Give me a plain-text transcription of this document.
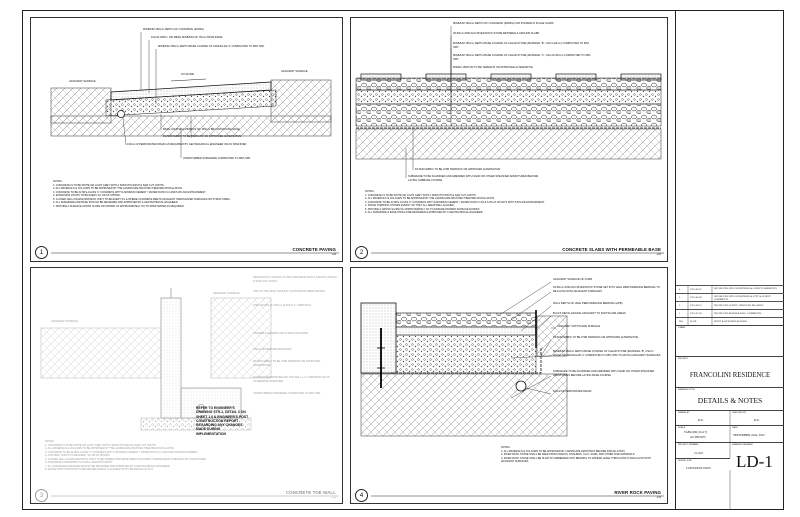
MINIMUM 150mm DEPTH OF CONCRETE (32MPa)
10U/12 WWF / 150 MESH MINIMUM OF 75mm FROM EDGE
MINIMUM 150mm DEPTH BASE COURSE OF GRANULAR 'A' COMPACTED TO 98% SPD
2% SLOPE
ADJACENT SURFACE
ADJACENT SURFACE
BASE COURSE A MINIMUM OF 150mm BEYOND PAVING EDGE
FILTER FABRIC TO BE TERRAFIX OR APPROVED ALTERNATIVE
100mm Ø PERFORATED DRAIN AS REQUIRED BY GEOTECHNICAL ENGINEER OR AS SPECIFIED
UNDISTURBED SUBGRADE COMPACTED TO 98% SPD
NOTES:
1. CONCRETE IS TO BE WHITE OR LIGHT GREY WITH A SMOOTH FINISH & SAW CUT JOINTS.
2. ALL MATERIALS & COLOURS TO BE APPROVED BY THE LANDSCAPE ARCHITECT BEFORE INSTALLATION.
3. CONCRETE TO BE 32 MPa CLASS 'C' CONCRETE WITH A MINIMUM CEMENT / WATER RATIO 0.4 AND 5-8% AIR ENTRAINMENT.
4. EXPANSION JOINTS TO BE EVERY 3m OR AS SHOWN.
5. CLOSED CELL FOAM EXPANSION JOINT TO BE EVERY 5m & WHERE CONCRETE MEETS ADJACENT HARDSCAPED SURFACES OR STRUCTURES.
6. ALL SUBGRADE AND BASE SHOULD BE REVIEWED AND APPROVED BY A GEOTECHNICAL ENGINEER.
7. PROVIDE A SURFACE CROSS SLOPE OR CROWN OF APPROXIMATELY 2% TO SHED WATER AS REQUIRED.
1	CONCRETE PAVING
1:20
MINIMUM 150mm DEPTH OF CONCRETE (32MPa) FOR POURED IN PLACE SLABS
25-50mm Ø BLACK RIVER ROCK STONE BETWEEN & AROUND SLABS
MINIMUM 150mm DEPTH BASE COURSE OF CLEAR STONE (MATERIAL 'B', CSA 5-20mm) COMPACTED TO 98% SPD
MINIMUM 150mm DEPTH BASE COURSE OF CLEAR STONE (MATERIAL 'C', CSA 20-40mm) COMPACTED TO 98% SPD
MIRAFI 180N OR TO BE TERRAFIX OR APPROVED ALTERNATIVE
FILTER FABRIC TO BE 270R TERRAFIX OR APPROVED ALTERNATIVE
SUBGRADE TO BE SCARIFIED AND AMENDED WITH SAND OR OTHER SPECIFIED ADMIXTURES BEFORE LAYING SUBBASE COURSE
NOTES:
1. CONCRETE IS TO BE WHITE OR LIGHT GREY WITH A SMOOTH FINISH & SAW CUT JOINTS.
2. ALL MATERIALS & COLOURS TO BE APPROVED BY THE LANDSCAPE ARCHITECT BEFORE INSTALLATION.
3. CONCRETE TO BE 32 MPa CLASS 'C' CONCRETE WITH A MINIMUM CEMENT / WATER RATIO 0.4% & 5-8% AT 28 DAYS WITH 5-8% AIR ENTRAINMENT.
4. SPACE STEPPING STONES EVENLY SO THEY ALL SEEM WELL ALIGNED.
5. PROVIDE A CROSS SLOPE OF APPROXIMATELY 2% TO ENSURE PROPER SURFACE RUNOFF.
6. ALL SUBGRADE & BASE SHOULD BE REVIEWED & APPROVED BY A GEOTECHNICAL ENGINEER.
2	CONCRETE SLABS WITH PERMEABLE BASE
1:20
ADJACENT SURFACE
ADJACENT SURFACE
FENCE POST FOOTING TO BE CONCRETE WITH A SMOOTH FINISH & SAW CUT JOINTS
TWO 25.75M 'HIGH TENSILE' CONTINUOUS REINFORCING
TWO HOOPS @ 150mm @ 600 O.C. (VERTICAL)
POURED CONCRETE WITH SMOOTH FINISH
150mm Ø PERFORATED DRAIN
FILTER FABRIC TO BE 270R TERRAFIX OR APPROVED ALTERNATIVE
FOOTINGS EXTEND BELOW THE WALL 1.2 m MINIMUM OR AS OTHERWISE SPECIFIED
UNDISTURBED SUBGRADE COMPACTED TO 98% SPD
NOTES:
1. CONCRETE IS TO BE WHITE OR LIGHT GREY WITH A SMOOTH FINISH & SAW CUT JOINTS.
2. ALL MATERIALS & COLOURS TO BE APPROVED BY THE LANDSCAPE ARCHITECT BEFORE INSTALLATION.
3. CONCRETE TO BE 32 MPa CLASS 'C' CONCRETE WITH A MINIMUM CEMENT / WATER RATIO 0.4 AND 5-8% AIR ENTRAINMENT.
4. CONTROL JOINTS TO BE EVERY 3m OR AS SHOWN.
5. CLOSED CELL FOAM EXPANSION JOINT TO BE WHERE CONCRETE MEETS ADJACENT HARDSCAPED SURFACES OR STRUCTURES.
6. CONCRETE FORMWORK TO HAVE A SMOOTH FINISH.
7. ALL SUBGRADE AND BASE SHOULD BE REVIEWED AND APPROVED BY A GEOTECHNICAL ENGINEER.
8. FENCE POST FOOTINGS TO BE SPACED EVENLY & ALIGNED WITH THE FENCE LAYOUT.
REFER TO ENGINEER'S DRAWING STR-1, DETAIL 3 ON SHEET 1.0 & ENGINEER'S POST CONSTRUCTION REPORT REGARDING ANY CHANGES MADE DURING IMPLEMENTATION
3	CONCRETE TOE WALL
1:10
ADJACENT SURFACE OF CURB
25-50mm Ø BLACK RIVER ROCK STONE SET INTO HIGH PERFORMANCE BEDDING TO BE FLUSH WITH ADJACENT SURFACES
25mm DEPTH OF HIGH PERFORMANCE BEDDING (HPB)
BLACK METAL EDGING ADJACENT TO SOFTSCAPE AREAS
ADJACENT SOFTSCAPE SURFACE
FILTER FABRIC TO BE 270R TERRAFIX OR APPROVED ALTERNATIVE
MINIMUM 150mm DEPTH BASE COURSE OF CLEAR STONE (MATERIAL 'B', CSA 5-20mm) OR GRANULAR 'A' COMPACTED TO 98% SPD TO MATCH ADJACENT SURFACES
SUBGRADE TO BE SCARIFIED AND AMENDED WITH SAND OR OTHER SPECIFIED ADMIXTURES BEFORE LAYING BASE COURSE
100mm Ø PERFORATED DRAIN
NOTES:
1. ALL MATERIALS & COLOURS TO BE APPROVED BY LANDSCAPE ARCHITECT BEFORE INSTALLATION.
2. RIVER ROCK STONE SHALL BE FREE FROM CRACKS, FISSURES, CLAY, SAND, AND OTHER FINE MATERIALS.
3. RIVER ROCK STONE SHALL BE SLIGHTLY EMBEDDED INTO BEDDING TO APPEAR LEVEL THROUGHOUT AND FLUSH WITH ADJACENT SURFACES.
4	RIVER ROCK PAVING
1:10
4	2022-09-22	REVISE PER SITE CONDITIONS & CLIENT COMMENTS
3	2022-08-08	REVISE PER SITE CONDITIONS & CITY & CLIENT COMMENTS
2	2021-09-13	REVISE PER CLIENT APPROVED DRAWING
1	2021-07-28	REVISE PER BUILDER DWG. COMMENTS
NO.	DATE	PRINT & REVISION RECORD
STAMP
PROJECT
FRANCOLINI RESIDENCE
DRAWING TITLE
DETAILS & NOTES
DRAWN BY
K.E.
CHECKED BY
K.E.
SCALE
TABLOID (11x17)
AS SHOWN
DATE
SEPTEMBER 22nd, 2022
PROJECT NUMBER
21-010
DRAWING NUMBER
LD-1
ISSUED FOR
CONSTRUCTION
